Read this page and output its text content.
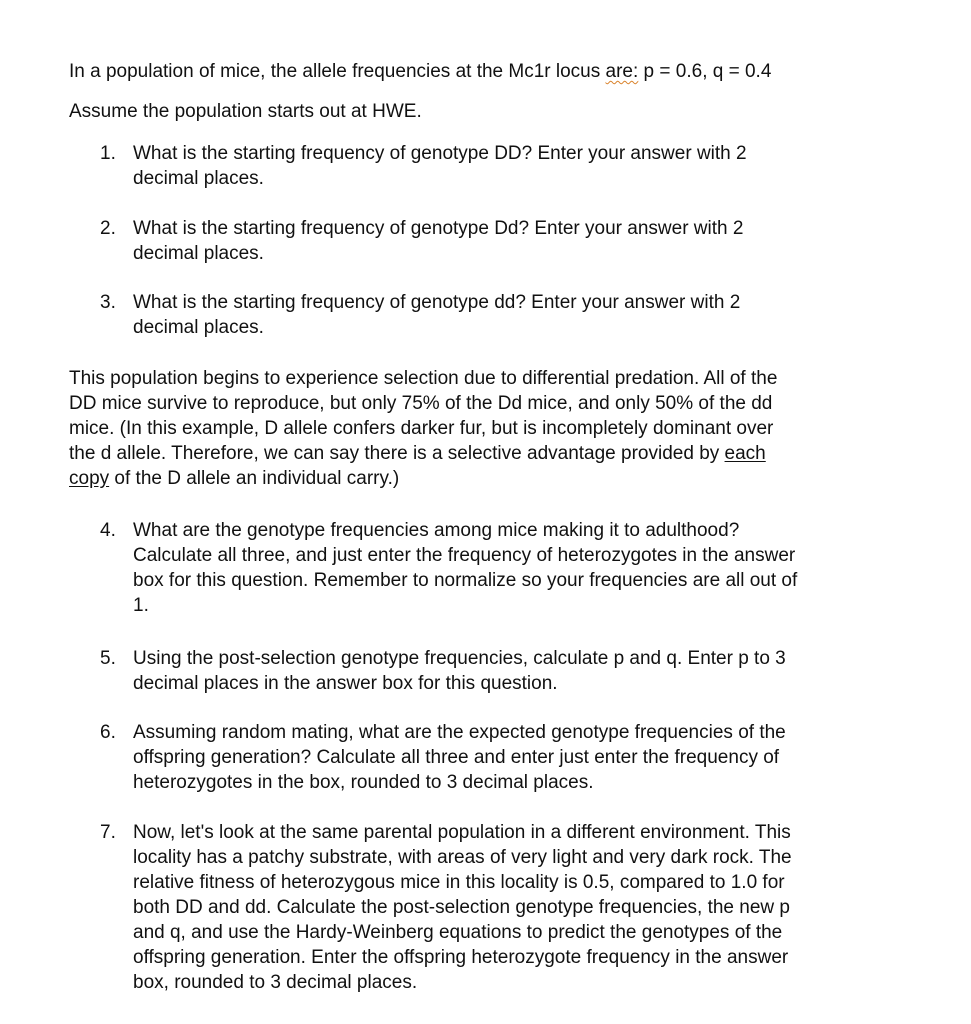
In a population of mice, the allele frequencies at the Mc1r locus are: p = 0.6, q = 0.4
Assume the population starts out at HWE.
1. What is the starting frequency of genotype DD? Enter your answer with 2
decimal places.
2. What is the starting frequency of genotype Dd? Enter your answer with 2
decimal places.
3. What is the starting frequency of genotype dd? Enter your answer with 2
decimal places.
This population begins to experience selection due to differential predation. All of the
DD mice survive to reproduce, but only 75% of the Dd mice, and only 50% of the dd
mice. (In this example, D allele confers darker fur, but is incompletely dominant over
the d allele. Therefore, we can say there is a selective advantage provided by each
copy of the D allele an individual carry.)
4. What are the genotype frequencies among mice making it to adulthood?
Calculate all three, and just enter the frequency of heterozygotes in the answer
box for this question. Remember to normalize so your frequencies are all out of
1.
5. Using the post-selection genotype frequencies, calculate p and q. Enter p to 3
decimal places in the answer box for this question.
6. Assuming random mating, what are the expected genotype frequencies of the
offspring generation? Calculate all three and enter just enter the frequency of
heterozygotes in the box, rounded to 3 decimal places.
7. Now, let's look at the same parental population in a different environment. This
locality has a patchy substrate, with areas of very light and very dark rock. The
relative fitness of heterozygous mice in this locality is 0.5, compared to 1.0 for
both DD and dd. Calculate the post-selection genotype frequencies, the new p
and q, and use the Hardy-Weinberg equations to predict the genotypes of the
offspring generation. Enter the offspring heterozygote frequency in the answer
box, rounded to 3 decimal places.
